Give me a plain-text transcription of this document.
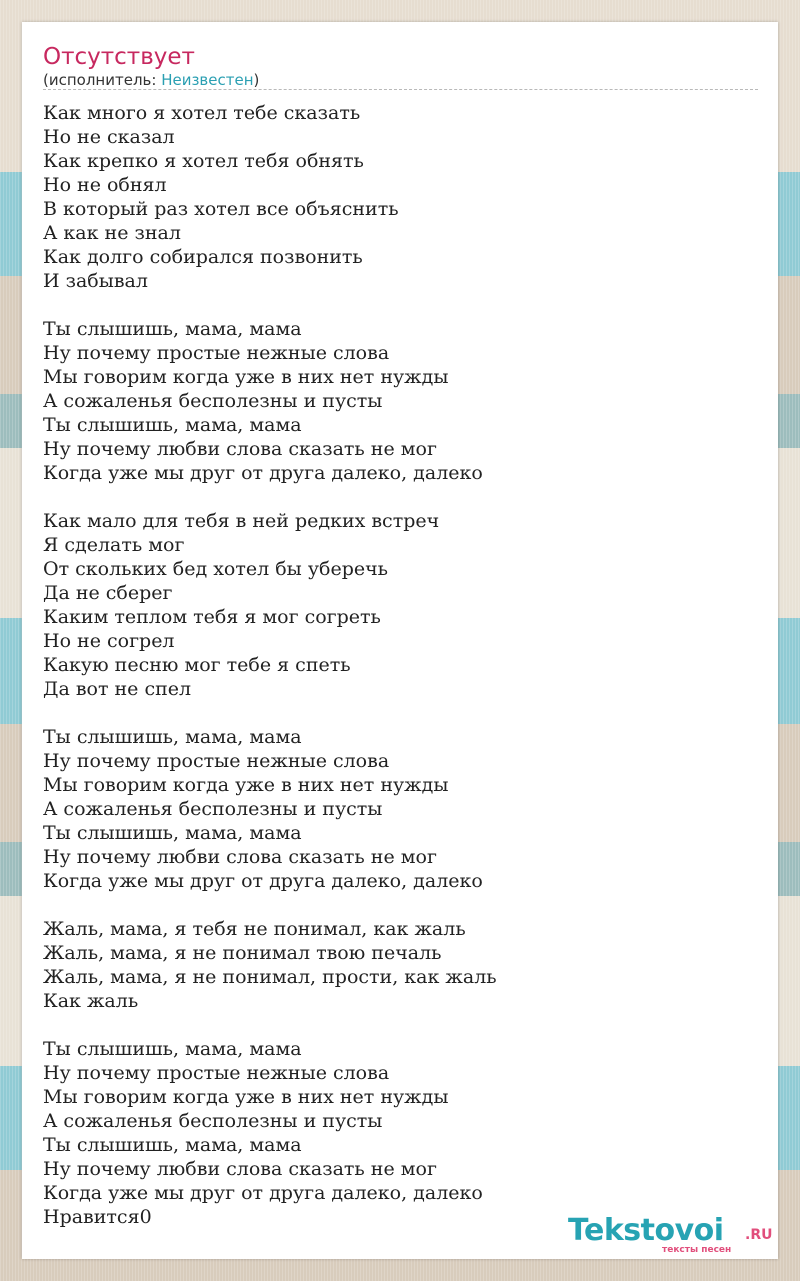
Отсутствует
(исполнитель: Неизвестен)
Как много я хотел тебе сказать
Но не сказал
Как крепко я хотел тебя обнять
Но не обнял
В который раз хотел все объяснить
А как не знал
Как долго собирался позвонить
И забывал
Ты слышишь, мама, мама
Ну почему простые нежные слова
Мы говорим когда уже в них нет нужды
А сожаленья бесполезны и пусты
Ты слышишь, мама, мама
Ну почему любви слова сказать не мог
Когда уже мы друг от друга далеко, далеко
Как мало для тебя в ней редких встреч
Я сделать мог
От скольких бед хотел бы уберечь
Да не сберег
Каким теплом тебя я мог согреть
Но не согрел
Какую песню мог тебе я спеть
Да вот не спел
Ты слышишь, мама, мама
Ну почему простые нежные слова
Мы говорим когда уже в них нет нужды
А сожаленья бесполезны и пусты
Ты слышишь, мама, мама
Ну почему любви слова сказать не мог
Когда уже мы друг от друга далеко, далеко
Жаль, мама, я тебя не понимал, как жаль
Жаль, мама, я не понимал твою печаль
Жаль, мама, я не понимал, прости, как жаль
Как жаль
Ты слышишь, мама, мама
Ну почему простые нежные слова
Мы говорим когда уже в них нет нужды
А сожаленья бесполезны и пусты
Ты слышишь, мама, мама
Ну почему любви слова сказать не мог
Когда уже мы друг от друга далеко, далеко
Нравится0	Tekstovoi .RU
тексты песен
